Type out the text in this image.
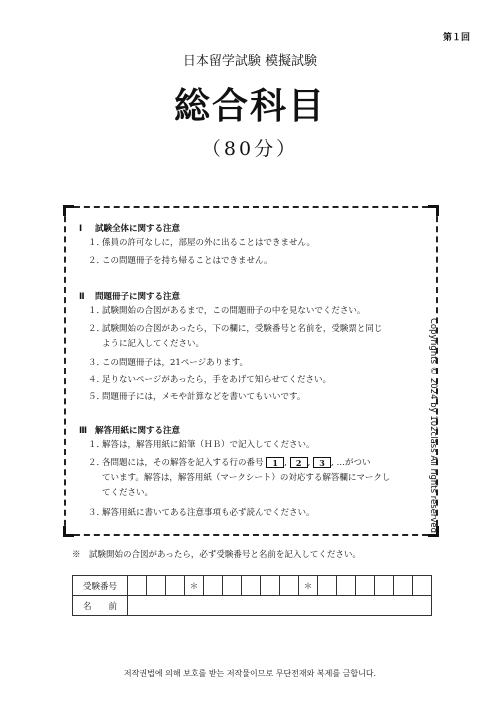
第１回
日本留学試験 模擬試験
総合科目
（80分）
Ⅰ 試験全体に関する注意
１．係員の許可なしに，部屋の外に出ることはできません。
２．この問題冊子を持ち帰ることはできません。
Ⅱ 問題冊子に関する注意
１．試験開始の合図があるまで，この問題冊子の中を見ないでください。
２．試験開始の合図があったら，下の欄に，受験番号と名前を，受験票と同じ
ように記入してください。
３．この問題冊子は，21ページあります。
４．足りないページがあったら，手をあげて知らせてください。
５．問題冊子には，メモや計算などを書いてもいいです。
Ⅲ 解答用紙に関する注意
１．解答は，解答用紙に鉛筆（ＨＢ）で記入してください。
２．各問題には，その解答を記入する行の番号 1 , 2 , 3 , …がつい
ています。解答は，解答用紙（マークシート）の対応する解答欄にマークし
てください。
３．解答用紙に書いてある注意事項も必ず読んでください。	Copyrights © 2024 by 102class All rights reserved.
※　試験開始の合図があったら，必ず受験番号と名前を記入してください。
受験番号				＊						＊						
名　　前																
저작권법에 의해 보호를 받는 저작물이므로 무단전재와 복제를 금합니다.
